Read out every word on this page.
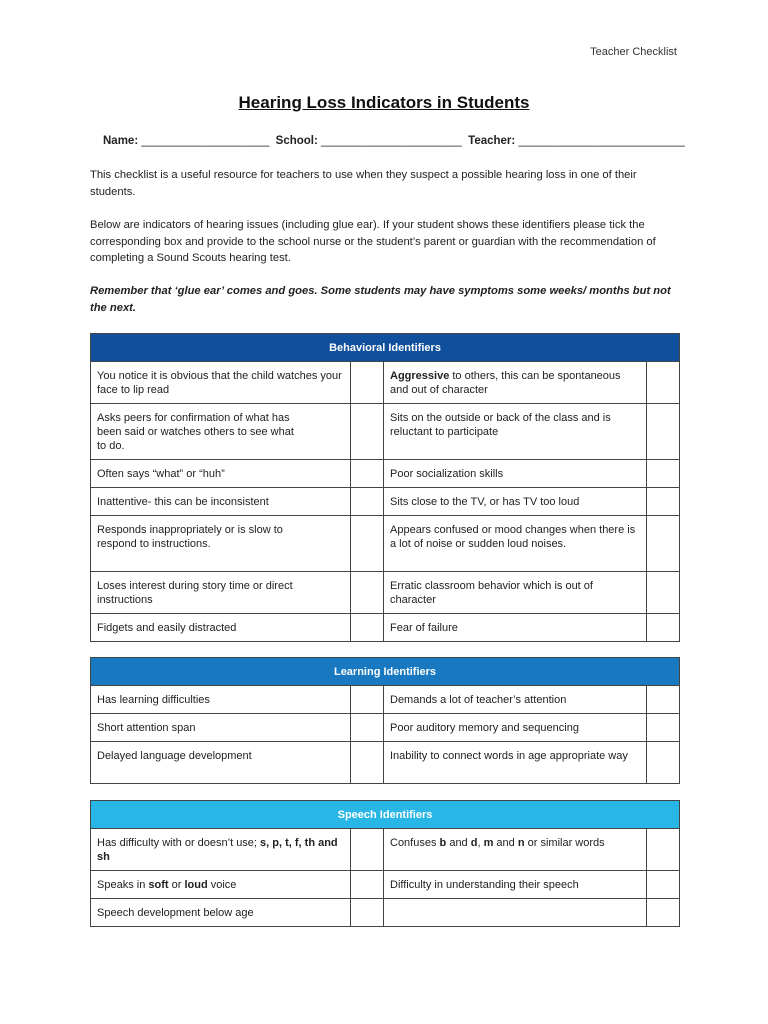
Teacher Checklist
Hearing Loss Indicators in Students
Name: ____________________ School: ______________________ Teacher: __________________________
This checklist is a useful resource for teachers to use when they suspect a possible hearing loss in one of their students.
Below are indicators of hearing issues (including glue ear). If your student shows these identifiers please tick the corresponding box and provide to the school nurse or the student’s parent or guardian with the recommendation of completing a Sound Scouts hearing test.
Remember that ‘glue ear’ comes and goes. Some students may have symptoms some weeks/ months but not the next.
Behavioral Identifiers			

You notice it is obvious that the child watches your face to lip read		Aggressive to others, this can be spontaneous and out of character	

Asks peers for confirmation of what has been said or watches others to see what to do.		Sits on the outside or back of the class and is reluctant to participate	

Often says “what” or “huh”		Poor socialization skills	

Inattentive- this can be inconsistent		Sits close to the TV, or has TV too loud	

Responds inappropriately or is slow to respond to instructions.		Appears confused or mood changes when there is a lot of noise or sudden loud noises.	

Loses interest during story time or direct instructions		Erratic classroom behavior which is out of character	

Fidgets and easily distracted		Fear of failure	

Learning Identifiers			

Has learning difficulties		Demands a lot of teacher’s attention	

Short attention span		Poor auditory memory and sequencing	

Delayed language development		Inability to connect words in age appropriate way	

Speech Identifiers			

Has difficulty with or doesn’t use; s, p, t, f, th and sh		Confuses b and d, m and n or similar words	

Speaks in soft or loud voice		Difficulty in understanding their speech	

Speech development below age			
